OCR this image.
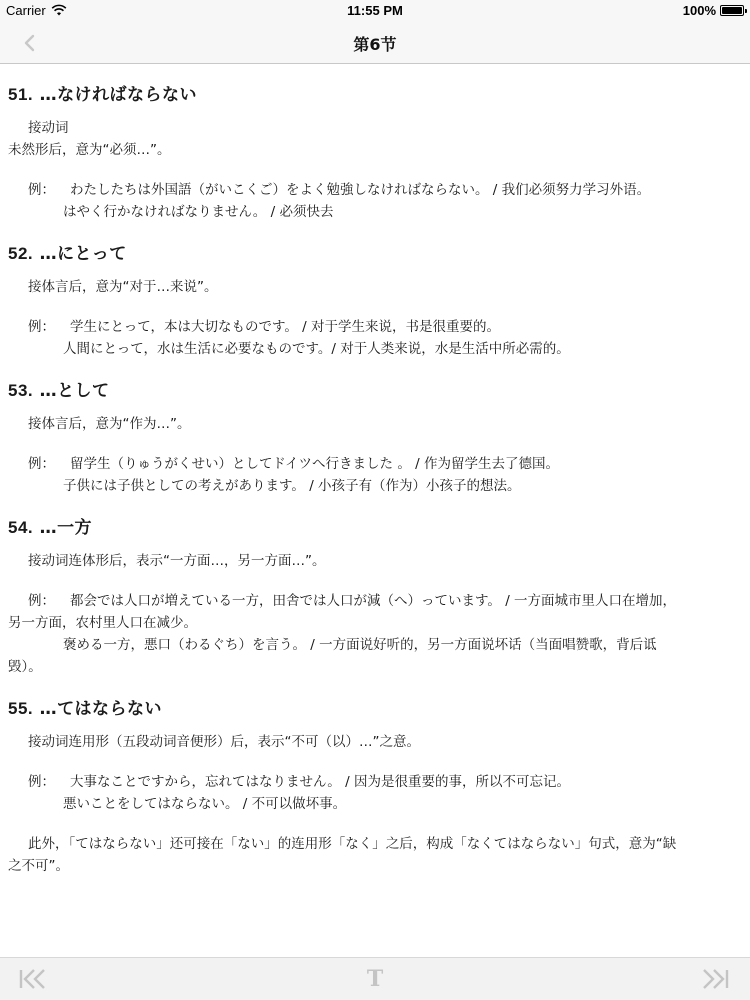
Carrier	11:55 PM	100%
第6节
51. …なければならない
接动词
未然形后，意为“必须…”。
例： わたしたちは外国語（がいこくご）をよく勉強しなければならない。 / 我们必须努力学习外语。
はやく行かなければなりません。 / 必须快去
52. …にとって
接体言后，意为“对于…来说”。
例： 学生にとって，本は大切なものです。 / 对于学生来说，书是很重要的。
人間にとって，水は生活に必要なものです。/ 对于人类来说，水是生活中所必需的。
53. …として
接体言后，意为“作为…”。
例： 留学生（りゅうがくせい）としてドイツへ行きました 。 / 作为留学生去了德国。
子供には子供としての考えがあります。 / 小孩子有（作为）小孩子的想法。
54. …一方
接动词连体形后，表示“一方面…，另一方面…”。
例： 都会では人口が増えている一方，田舎では人口が減（へ）っています。 / 一方面城市里人口在增加，
另一方面，农村里人口在减少。
褒める一方，悪口（わるぐち）を言う。 / 一方面说好听的，另一方面说坏话（当面唱赞歌，背后诋
毁）。
55. …てはならない
接动词连用形（五段动词音便形）后，表示“不可（以）…”之意。
例： 大事なことですから，忘れてはなりません。 / 因为是很重要的事，所以不可忘记。
悪いことをしてはならない。 / 不可以做坏事。
此外，「てはならない」还可接在「ない」的连用形「なく」之后，构成「なくてはならない」句式，意为“缺
之不可”。
T
